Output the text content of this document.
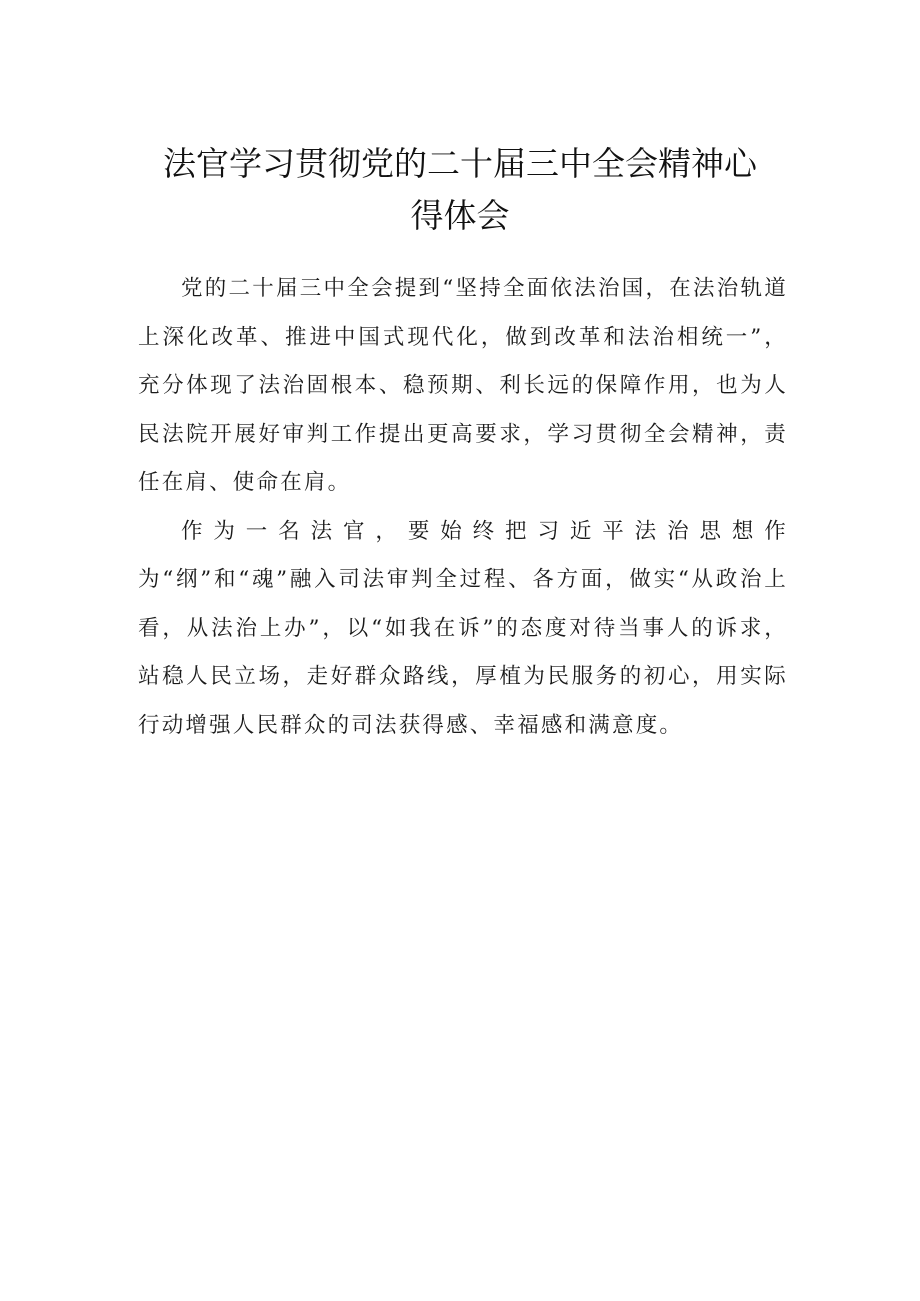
法官学习贯彻党的二十届三中全会精神心
得体会

党的二十届三中全会提到“坚持全面依法治国，在法治轨道上深化改革、推进中国式现代化，做到改革和法治相统一”，充分体现了法治固根本、稳预期、利长远的保障作用，也为人民法院开展好审判工作提出更高要求，学习贯彻全会精神，责任在肩、使命在肩。

作为一名法官，要始终把习近平法治思想作为“纲”和“魂”融入司法审判全过程、各方面，做实“从政治上看，从法治上办”，以“如我在诉”的态度对待当事人的诉求，站稳人民立场，走好群众路线，厚植为民服务的初心，用实际行动增强人民群众的司法获得感、幸福感和满意度。
